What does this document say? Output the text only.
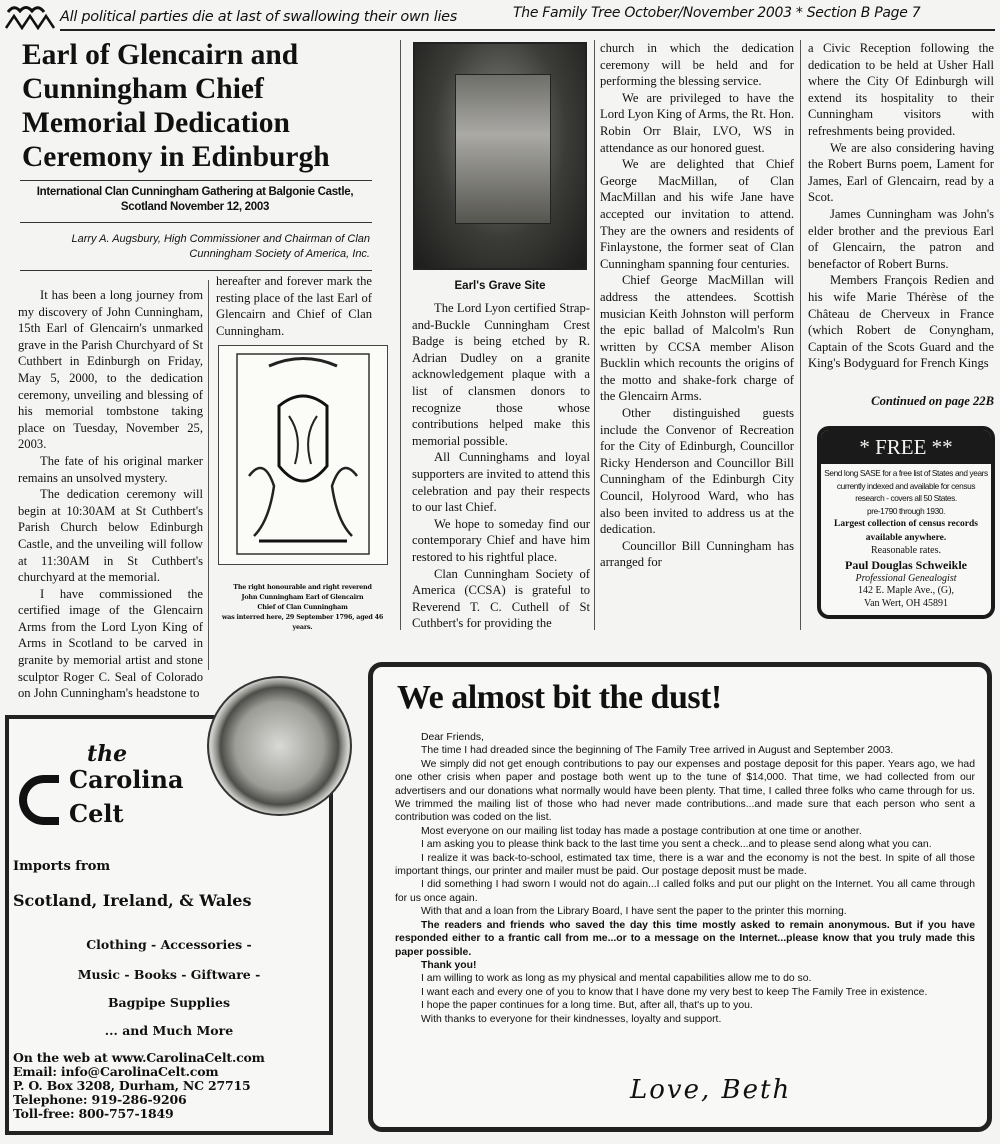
All political parties die at last of swallowing their own lies	The Family Tree October/November 2003 * Section B Page 7
Earl of Glencairn and Cunningham Chief Memorial Dedication Ceremony in Edinburgh
International Clan Cunningham Gathering at Balgonie Castle, Scotland November 12, 2003
Larry A. Augsbury, High Commissioner and Chairman of Clan Cunningham Society of America, Inc.

It has been a long journey from my discovery of John Cunningham, 15th Earl of Glencairn's unmarked grave in the Parish Churchyard of St Cuthbert in Edinburgh on Friday, May 5, 2000, to the dedication ceremony, unveiling and blessing of his memorial tombstone taking place on Tuesday, November 25, 2003.

The fate of his original marker remains an unsolved mystery.

The dedication ceremony will begin at 10:30AM at St Cuthbert's Parish Church below Edinburgh Castle, and the unveiling will follow at 11:30AM in St Cuthbert's churchyard at the memorial.

I have commissioned the certified image of the Glencairn Arms from the Lord Lyon King of Arms in Scotland to be carved in granite by memorial artist and stone sculptor Roger C. Seal of Colorado on John Cunningham's headstone to

hereafter and forever mark the resting place of the last Earl of Glencairn and Chief of Clan Cunningham.

The right honourable and right reverend
John Cunningham Earl of Glencairn
Chief of Clan Cunningham
was interred here, 29 September 1796, aged 46 years.
Earl's Grave Site

The Lord Lyon certified Strap-and-Buckle Cunningham Crest Badge is being etched by R. Adrian Dudley on a granite acknowledgement plaque with a list of clansmen donors to recognize those whose contributions helped make this memorial possible.

All Cunninghams and loyal supporters are invited to attend this celebration and pay their respects to our last Chief.

We hope to someday find our contemporary Chief and have him restored to his rightful place.

Clan Cunningham Society of America (CCSA) is grateful to Reverend T. C. Cuthell of St Cuthbert's for providing the

church in which the dedication ceremony will be held and for performing the blessing service.

We are privileged to have the Lord Lyon King of Arms, the Rt. Hon. Robin Orr Blair, LVO, WS in attendance as our honored guest.

We are delighted that Chief George MacMillan, of Clan MacMillan and his wife Jane have accepted our invitation to attend. They are the owners and residents of Finlaystone, the former seat of Clan Cunningham spanning four centuries.

Chief George MacMillan will address the attendees. Scottish musician Keith Johnston will perform the epic ballad of Malcolm's Run written by CCSA member Alison Bucklin which recounts the origins of the motto and shake-fork charge of the Glencairn Arms.

Other distinguished guests include the Convenor of Recreation for the City of Edinburgh, Councillor Ricky Henderson and Councillor Bill Cunningham of the Edinburgh City Council, Holyrood Ward, who has also been invited to address us at the dedication.

Councillor Bill Cunningham has arranged for

a Civic Reception following the dedication to be held at Usher Hall where the City Of Edinburgh will extend its hospitality to their Cunningham visitors with refreshments being provided.

We are also considering having the Robert Burns poem, Lament for James, Earl of Glencairn, read by a Scot.

James Cunningham was John's elder brother and the previous Earl of Glencairn, the patron and benefactor of Robert Burns.

Members François Redien and his wife Marie Thérèse of the Château de Cherveux in France (which Robert de Conyngham, Captain of the Scots Guard and the King's Bodyguard for French Kings

Continued on page 22B
* FREE **
Send long SASE for a free list of States and years currently indexed and available for census research - covers all 50 States.
pre-1790 through 1930.
Largest collection of census records available anywhere.
Reasonable rates.
Paul Douglas Schweikle
Professional Genealogist
142 E. Maple Ave., (G),
Van Wert, OH 45891
the
Carolina Celt
Imports from
Scotland, Ireland, & Wales
Clothing - Accessories -
Music - Books - Giftware -
Bagpipe Supplies
... and Much More
On the web at www.CarolinaCelt.com
Email: info@CarolinaCelt.com
P. O. Box 3208, Durham, NC 27715
Telephone: 919-286-9206
Toll-free: 800-757-1849
We almost bit the dust!

Dear Friends,

The time I had dreaded since the beginning of The Family Tree arrived in August and September 2003.

We simply did not get enough contributions to pay our expenses and postage deposit for this paper. Years ago, we had one other crisis when paper and postage both went up to the tune of $14,000. That time, we had collected from our advertisers and our donations what normally would have been plenty. That time, I called three folks who came through for us. We trimmed the mailing list of those who had never made contributions...and made sure that each person who sent a contribution was coded on the list.

Most everyone on our mailing list today has made a postage contribution at one time or another.

I am asking you to please think back to the last time you sent a check...and to please send along what you can.

I realize it was back-to-school, estimated tax time, there is a war and the economy is not the best. In spite of all those important things, our printer and mailer must be paid. Our postage deposit must be made.

I did something I had sworn I would not do again...I called folks and put our plight on the Internet. You all came through for us once again.

With that and a loan from the Library Board, I have sent the paper to the printer this morning.

The readers and friends who saved the day this time mostly asked to remain anonymous. But if you have responded either to a frantic call from me...or to a message on the Internet...please know that you truly made this paper possible.

Thank you!

I am willing to work as long as my physical and mental capabilities allow me to do so.

I want each and every one of you to know that I have done my very best to keep The Family Tree in existence.

I hope the paper continues for a long time. But, after all, that's up to you.

With thanks to everyone for their kindnesses, loyalty and support.

Love, Beth
